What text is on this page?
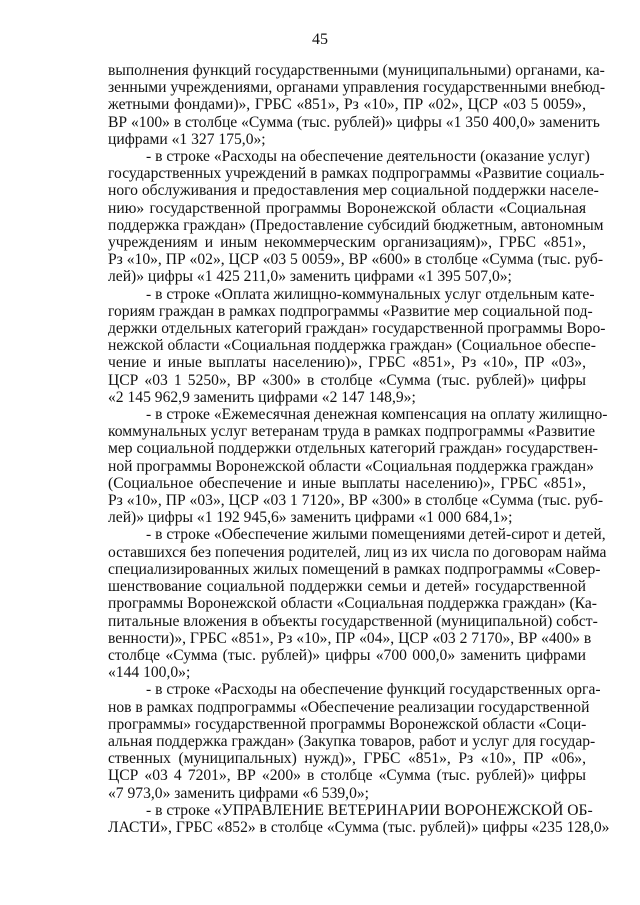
45
выполнения функций государственными (муниципальными) органами, ка-
зенными учреждениями, органами управления государственными внебюд-
жетными фондами)», ГРБС «851», Рз «10», ПР «02», ЦСР «03 5 0059»,
ВР «100» в столбце «Сумма (тыс. рублей)» цифры «1 350 400,0» заменить
цифрами «1 327 175,0»;
- в строке «Расходы на обеспечение деятельности (оказание услуг)
государственных учреждений в рамках подпрограммы «Развитие социаль-
ного обслуживания и предоставления мер социальной поддержки населе-
нию» государственной программы Воронежской области «Социальная
поддержка граждан» (Предоставление субсидий бюджетным, автономным
учреждениям и иным некоммерческим организациям)», ГРБС «851»,
Рз «10», ПР «02», ЦСР «03 5 0059», ВР «600» в столбце «Сумма (тыс. руб-
лей)» цифры «1 425 211,0» заменить цифрами «1 395 507,0»;
- в строке «Оплата жилищно-коммунальных услуг отдельным кате-
гориям граждан в рамках подпрограммы «Развитие мер социальной под-
держки отдельных категорий граждан» государственной программы Воро-
нежской области «Социальная поддержка граждан» (Социальное обеспе-
чение и иные выплаты населению)», ГРБС «851», Рз «10», ПР «03»,
ЦСР «03 1 5250», ВР «300» в столбце «Сумма (тыс. рублей)» цифры
«2 145 962,9 заменить цифрами «2 147 148,9»;
- в строке «Ежемесячная денежная компенсация на оплату жилищно-
коммунальных услуг ветеранам труда в рамках подпрограммы «Развитие
мер социальной поддержки отдельных категорий граждан» государствен-
ной программы Воронежской области «Социальная поддержка граждан»
(Социальное обеспечение и иные выплаты населению)», ГРБС «851»,
Рз «10», ПР «03», ЦСР «03 1 7120», ВР «300» в столбце «Сумма (тыс. руб-
лей)» цифры «1 192 945,6» заменить цифрами «1 000 684,1»;
- в строке «Обеспечение жилыми помещениями детей-сирот и детей,
оставшихся без попечения родителей, лиц из их числа по договорам найма
специализированных жилых помещений в рамках подпрограммы «Совер-
шенствование социальной поддержки семьи и детей» государственной
программы Воронежской области «Социальная поддержка граждан» (Ка-
питальные вложения в объекты государственной (муниципальной) собст-
венности)», ГРБС «851», Рз «10», ПР «04», ЦСР «03 2 7170», ВР «400» в
столбце «Сумма (тыс. рублей)» цифры «700 000,0» заменить цифрами
«144 100,0»;
- в строке «Расходы на обеспечение функций государственных орга-
нов в рамках подпрограммы «Обеспечение реализации государственной
программы» государственной программы Воронежской области «Соци-
альная поддержка граждан» (Закупка товаров, работ и услуг для государ-
ственных (муниципальных) нужд)», ГРБС «851», Рз «10», ПР «06»,
ЦСР «03 4 7201», ВР «200» в столбце «Сумма (тыс. рублей)» цифры
«7 973,0» заменить цифрами «6 539,0»;
- в строке «УПРАВЛЕНИЕ ВЕТЕРИНАРИИ ВОРОНЕЖСКОЙ ОБ-
ЛАСТИ», ГРБС «852» в столбце «Сумма (тыс. рублей)» цифры «235 128,0»
